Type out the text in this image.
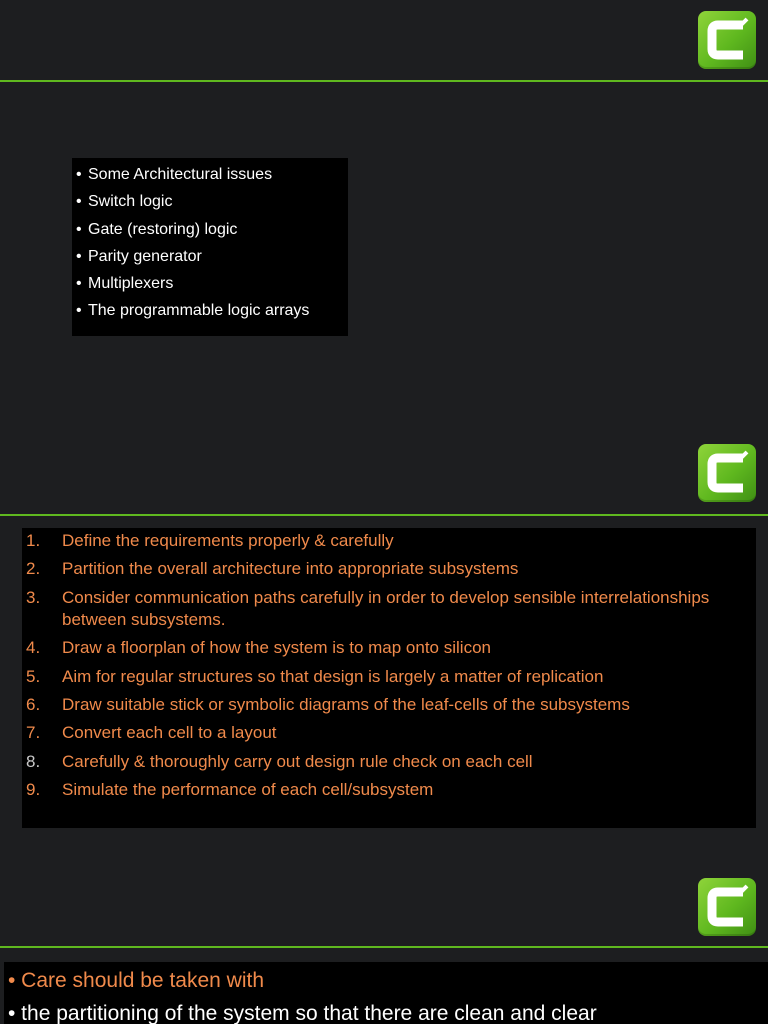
• Some Architectural issues
• Switch logic
• Gate (restoring) logic
• Parity generator
• Multiplexers
• The programmable logic arrays
1. Define the requirements properly & carefully
2. Partition the overall architecture into appropriate subsystems
3. Consider communication paths carefully in order to develop sensible interrelationships between subsystems.
4. Draw a floorplan of how the system is to map onto silicon
5. Aim for regular structures so that design is largely a matter of replication
6. Draw suitable stick or symbolic diagrams of the leaf-cells of the subsystems
7. Convert each cell to a layout
8. Carefully & thoroughly carry out design rule check on each cell
9. Simulate the performance of each cell/subsystem
• Care should be taken with
• the partitioning of the system so that there are clean and clear
